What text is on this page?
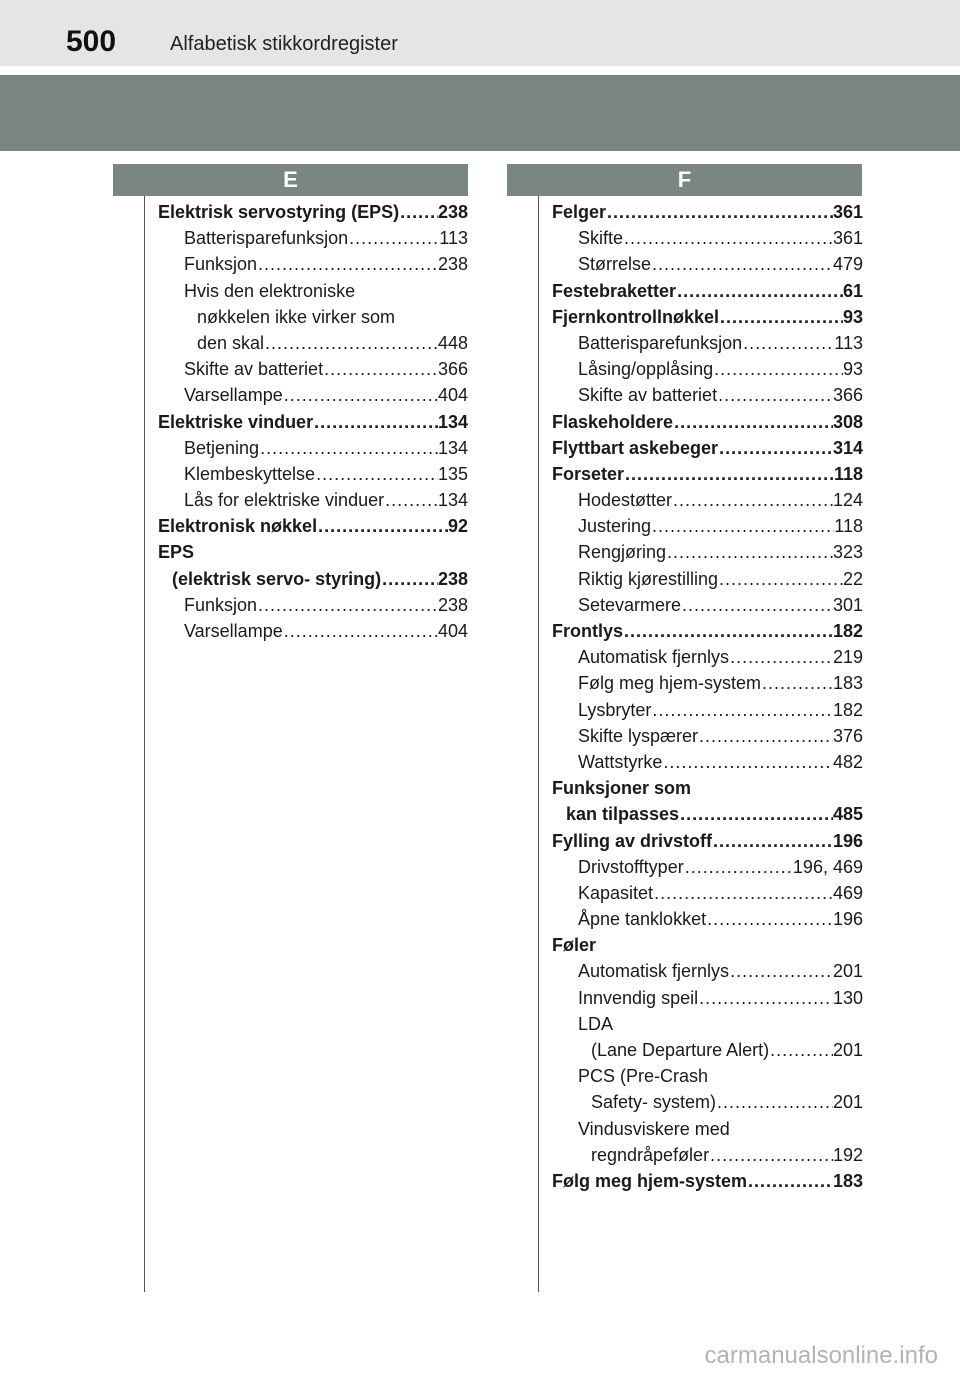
500	Alfabetisk stikkordregister
E	F
Elektrisk servostyring (EPS) ..... 238
Batterisparefunksjon .....	113
Funksjon .....	238
Hvis den elektroniske
nøkkelen ikke virker som
den skal .....	448
Skifte av batteriet .....	366
Varsellampe .....	404
Elektriske vinduer .....	134
Betjening .....	134
Klembeskyttelse .....	135
Lås for elektriske vinduer .....	134
Elektronisk nøkkel .....	92
EPS
(elektrisk servo- styring) .....	238
Funksjon .....	238
Varsellampe .....	404
Felger .....	361
Skifte .....	361
Størrelse .....	479
Festebraketter .....	61
Fjernkontrollnøkkel .....	93
Batterisparefunksjon .....	113
Låsing/opplåsing .....	93
Skifte av batteriet .....	366
Flaskeholdere .....	308
Flyttbart askebeger .....	314
Forseter .....	118
Hodestøtter .....	124
Justering .....	118
Rengjøring .....	323
Riktig kjørestilling .....	22
Setevarmere .....	301
Frontlys .....	182
Automatisk fjernlys .....	219
Følg meg hjem-system .....	183
Lysbryter .....	182
Skifte lyspærer .....	376
Wattstyrke .....	482
Funksjoner som
kan tilpasses .....	485
Fylling av drivstoff .....	196
Drivstofftyper .....	196, 469
Kapasitet .....	469
Åpne tanklokket .....	196
Føler
Automatisk fjernlys .....	201
Innvendig speil .....	130
LDA
(Lane Departure Alert) .....	201
PCS (Pre-Crash
Safety- system) .....	201
Vindusviskere med
regndråpeføler .....	192
Følg meg hjem-system .....	183
carmanualsonline.info
